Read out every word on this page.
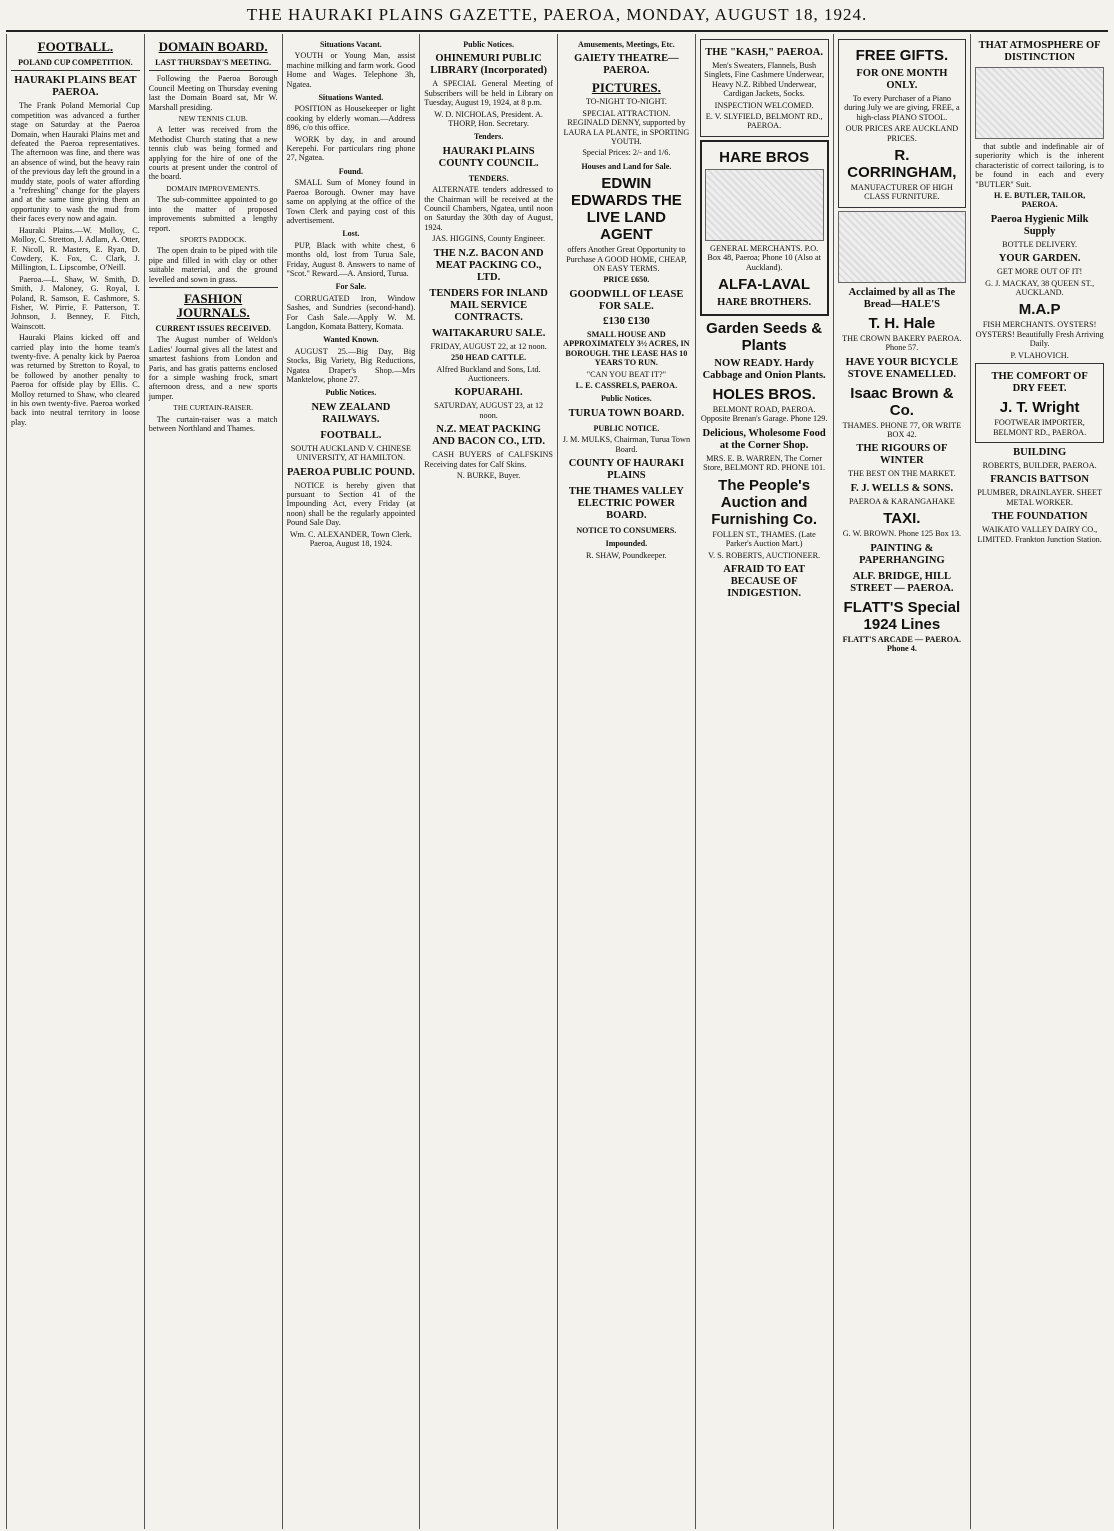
THE HAURAKI PLAINS GAZETTE, PAEROA, MONDAY, AUGUST 18, 1924.
FOOTBALL.
POLAND CUP COMPETITION.
HAURAKI PLAINS BEAT PAEROA.

The Frank Poland Memorial Cup competition was advanced a further stage on Saturday at the Paeroa Domain, when Hauraki Plains met and defeated the Paeroa representatives. The afternoon was fine, and there was an absence of wind, but the heavy rain of the previous day left the ground in a muddy state, pools of water affording a "refreshing" change for the players and at the same time giving them an opportunity to wash the mud from their faces every now and again.

Hauraki Plains.—W. Molloy, C. Molloy, C. Stretton, J. Adlam, A. Otter, F. Nicoll, R. Masters, E. Ryan, D. Cowdery, K. Fox, C. Clark, J. Millington, L. Lipscombe, O'Neill.

Paeroa.—L. Shaw, W. Smith, D. Smith, J. Maloney, G. Royal, I. Poland, R. Samson, E. Cashmore, S. Fisher, W. Pirrie, F. Patterson, T. Johnson, J. Benney, F. Fitch, Wainscott.

Hauraki Plains kicked off and carried play into the home team's twenty-five. A penalty kick by Paeroa was returned by Stretton to Royal, to be followed by another penalty to Paeroa for offside play by Ellis. C. Molloy returned to Shaw, who cleared in his own twenty-five. Paeroa worked back into neutral territory in loose play.

DOMAIN BOARD.
LAST THURSDAY'S MEETING.

Following the Paeroa Borough Council Meeting on Thursday evening last the Domain Board sat, Mr W. Marshall presiding.

NEW TENNIS CLUB.

A letter was received from the Methodist Church stating that a new tennis club was being formed and applying for the hire of one of the courts at present under the control of the board.

DOMAIN IMPROVEMENTS.

The sub-committee appointed to go into the matter of proposed improvements submitted a lengthy report.

SPORTS PADDOCK.

The open drain to be piped with tile pipe and filled in with clay or other suitable material, and the ground levelled and sown in grass.

FASHION JOURNALS.
CURRENT ISSUES RECEIVED.

The August number of Weldon's Ladies' Journal gives all the latest and smartest fashions from London and Paris, and has gratis patterns enclosed for a simple washing frock, smart afternoon dress, and a new sports jumper.

THE CURTAIN-RAISER.

The curtain-raiser was a match between Northland and Thames.

Situations Vacant.

YOUTH or Young Man, assist machine milking and farm work. Good Home and Wages. Telephone 3h, Ngatea.

Situations Wanted.

POSITION as Housekeeper or light cooking by elderly woman.—Address 896, c/o this office.

WORK by day, in and around Kerepehi. For particulars ring phone 27, Ngatea.

Found.

SMALL Sum of Money found in Paeroa Borough. Owner may have same on applying at the office of the Town Clerk and paying cost of this advertisement.

Lost.

PUP, Black with white chest, 6 months old, lost from Turua Sale, Friday, August 8. Answers to name of "Scot." Reward.—A. Ansiord, Turua.

For Sale.

CORRUGATED Iron, Window Sashes, and Sundries (second-hand). For Cash Sale.—Apply W. M. Langdon, Komata Battery, Komata.

Wanted Known.

AUGUST 25.—Big Day, Big Stocks, Big Variety, Big Reductions, Ngatea Draper's Shop.—Mrs Manktelow, phone 27.

Public Notices.
NEW ZEALAND RAILWAYS.
FOOTBALL.

SOUTH AUCKLAND V. CHINESE UNIVERSITY, AT HAMILTON.

PAEROA PUBLIC POUND.

NOTICE is hereby given that pursuant to Section 41 of the Impounding Act, every Friday (at noon) shall be the regularly appointed Pound Sale Day.

Wm. C. ALEXANDER, Town Clerk. Paeroa, August 18, 1924.

Public Notices.
OHINEMURI PUBLIC LIBRARY (Incorporated)

A SPECIAL General Meeting of Subscribers will be held in Library on Tuesday, August 19, 1924, at 8 p.m.

W. D. NICHOLAS, President. A. THORP, Hon. Secretary.

Tenders.
HAURAKI PLAINS COUNTY COUNCIL.
TENDERS.

ALTERNATE tenders addressed to the Chairman will be received at the Council Chambers, Ngatea, until noon on Saturday the 30th day of August, 1924.

JAS. HIGGINS, County Engineer.

THE N.Z. BACON AND MEAT PACKING CO., LTD.
TENDERS FOR INLAND MAIL SERVICE CONTRACTS.
WAITAKARURU SALE.

FRIDAY, AUGUST 22, at 12 noon.

250 HEAD CATTLE.

Alfred Buckland and Sons, Ltd. Auctioneers.

KOPUARAHI.

SATURDAY, AUGUST 23, at 12 noon.

N.Z. MEAT PACKING AND BACON CO., LTD.

CASH BUYERS of CALFSKINS Receiving dates for Calf Skins.

N. BURKE, Buyer.

Amusements, Meetings, Etc.
GAIETY THEATRE—PAEROA.
PICTURES.

TO-NIGHT TO-NIGHT.

SPECIAL ATTRACTION. REGINALD DENNY, supported by LAURA LA PLANTE, in SPORTING YOUTH.

Special Prices: 2/- and 1/6.

Houses and Land for Sale.
EDWIN EDWARDS THE LIVE LAND AGENT

offers Another Great Opportunity to Purchase A GOOD HOME, CHEAP, ON EASY TERMS.

PRICE £650.

GOODWILL OF LEASE FOR SALE.

£130 £130

SMALL HOUSE AND APPROXIMATELY 3½ ACRES, IN BOROUGH. THE LEASE HAS 10 YEARS TO RUN.

"CAN YOU BEAT IT?"

L. E. CASSRELS, PAEROA.

Public Notices.
TURUA TOWN BOARD.
PUBLIC NOTICE.

J. M. MULKS, Chairman, Turua Town Board.

COUNTY OF HAURAKI PLAINS
THE THAMES VALLEY ELECTRIC POWER BOARD.
NOTICE TO CONSUMERS.
Impounded.

R. SHAW, Poundkeeper.

THE "KASH," PAEROA.

Men's Sweaters, Flannels, Bush Singlets, Fine Cashmere Underwear, Heavy N.Z. Ribbed Underwear, Cardigan Jackets, Socks.

INSPECTION WELCOMED.

E. V. SLYFIELD, BELMONT RD., PAEROA.

HARE BROS

GENERAL MERCHANTS. P.O. Box 48, Paeroa; Phone 10 (Also at Auckland).

ALFA-LAVAL
HARE BROTHERS.
Garden Seeds & Plants
NOW READY. Hardy Cabbage and Onion Plants.
HOLES BROS.

BELMONT ROAD, PAEROA. Opposite Brenan's Garage. Phone 129.

Delicious, Wholesome Food at the Corner Shop.

MRS. E. B. WARREN, The Corner Store, BELMONT RD. PHONE 101.

The People's Auction and Furnishing Co.

FOLLEN ST., THAMES. (Late Parker's Auction Mart.)

V. S. ROBERTS, AUCTIONEER.

AFRAID TO EAT BECAUSE OF INDIGESTION.
FREE GIFTS.
FOR ONE MONTH ONLY.

To every Purchaser of a Piano during July we are giving, FREE, a high-class PIANO STOOL.

OUR PRICES ARE AUCKLAND PRICES.

R. CORRINGHAM,

MANUFACTURER OF HIGH CLASS FURNITURE.

Acclaimed by all as The Bread—HALE'S
T. H. Hale

THE CROWN BAKERY PAEROA. Phone 57.

HAVE YOUR BICYCLE STOVE ENAMELLED.
Isaac Brown & Co.

THAMES. PHONE 77, OR WRITE BOX 42.

THE RIGOURS OF WINTER

THE BEST ON THE MARKET.

F. J. WELLS & SONS.

PAEROA & KARANGAHAKE

TAXI.

G. W. BROWN. Phone 125 Box 13.

PAINTING & PAPERHANGING
ALF. BRIDGE, HILL STREET — PAEROA.
FLATT'S Special 1924 Lines

FLATT'S ARCADE — PAEROA. Phone 4.

THAT ATMOSPHERE OF DISTINCTION

that subtle and indefinable air of superiority which is the inherent characteristic of correct tailoring, is to be found in each and every "BUTLER" Suit.

H. E. BUTLER, TAILOR, PAEROA.

Paeroa Hygienic Milk Supply

BOTTLE DELIVERY.

YOUR GARDEN.

GET MORE OUT OF IT!

G. J. MACKAY, 38 QUEEN ST., AUCKLAND.

M.A.P

FISH MERCHANTS. OYSTERS! OYSTERS! Beautifully Fresh Arriving Daily.

P. VLAHOVICH.

THE COMFORT OF DRY FEET.
J. T. Wright

FOOTWEAR IMPORTER, BELMONT RD., PAEROA.

BUILDING

ROBERTS, BUILDER, PAEROA.

FRANCIS BATTSON

PLUMBER, DRAINLAYER. SHEET METAL WORKER.

THE FOUNDATION

WAIKATO VALLEY DAIRY CO., LIMITED. Frankton Junction Station.
